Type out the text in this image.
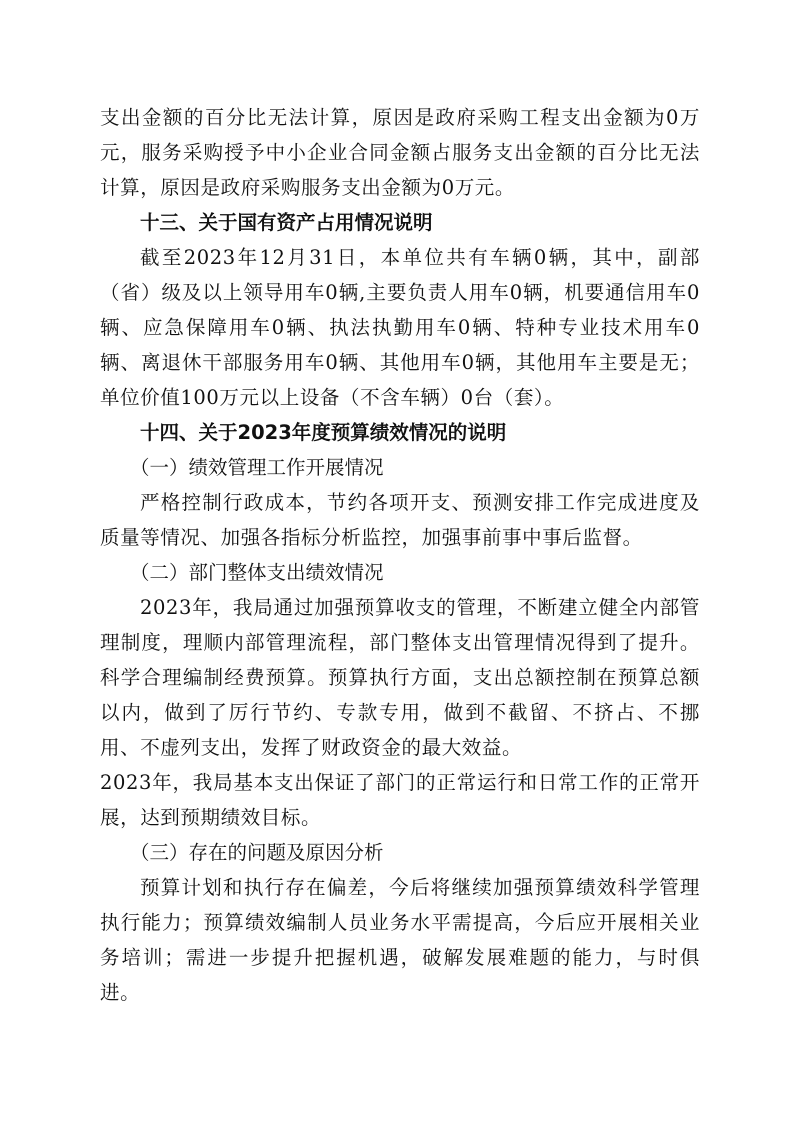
支出金额的百分比无法计算，原因是政府采购工程支出金额为0万元，服务采购授予中小企业合同金额占服务支出金额的百分比无法计算，原因是政府采购服务支出金额为0万元。

十三、关于国有资产占用情况说明

截至2023年12月31日，本单位共有车辆0辆，其中，副部（省）级及以上领导用车0辆,主要负责人用车0辆，机要通信用车0辆、应急保障用车0辆、执法执勤用车0辆、特种专业技术用车0辆、离退休干部服务用车0辆、其他用车0辆，其他用车主要是无；单位价值100万元以上设备（不含车辆）0台（套）。

十四、关于2023年度预算绩效情况的说明
（一）绩效管理工作开展情况

严格控制行政成本，节约各项开支、预测安排工作完成进度及质量等情况、加强各指标分析监控，加强事前事中事后监督。

（二）部门整体支出绩效情况

2023年，我局通过加强预算收支的管理，不断建立健全内部管理制度，理顺内部管理流程，部门整体支出管理情况得到了提升。科学合理编制经费预算。预算执行方面，支出总额控制在预算总额以内，做到了厉行节约、专款专用，做到不截留、不挤占、不挪用、不虚列支出，发挥了财政资金的最大效益。

2023年，我局基本支出保证了部门的正常运行和日常工作的正常开展，达到预期绩效目标。

（三）存在的问题及原因分析

预算计划和执行存在偏差，今后将继续加强预算绩效科学管理执行能力；预算绩效编制人员业务水平需提高，今后应开展相关业务培训；需进一步提升把握机遇，破解发展难题的能力，与时俱进。
